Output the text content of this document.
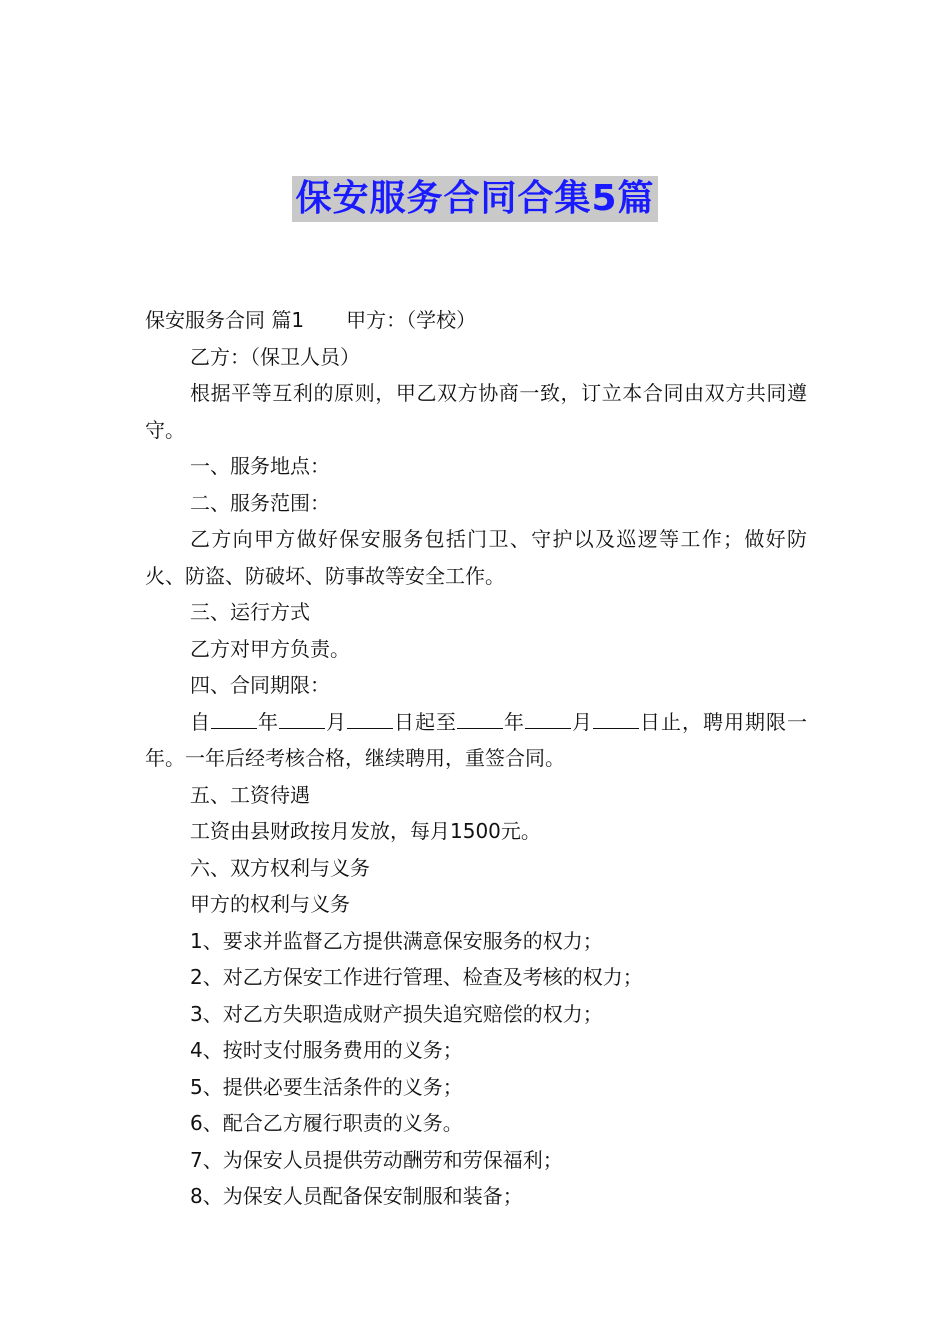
保安服务合同合集5篇

保安服务合同 篇1 甲方：（学校）

乙方：（保卫人员）

根据平等互利的原则，甲乙双方协商一致，订立本合同由双方共同遵守。

一、服务地点：

二、服务范围：

乙方向甲方做好保安服务包括门卫、守护以及巡逻等工作；做好防火、防盗、防破坏、防事故等安全工作。

三、运行方式

乙方对甲方负责。

四、合同期限：

自 年 月 日起至 年 月 日止，聘用期限一年。一年后经考核合格，继续聘用，重签合同。

五、工资待遇

工资由县财政按月发放，每月1500元。

六、双方权利与义务

甲方的权利与义务

1、要求并监督乙方提供满意保安服务的权力；

2、对乙方保安工作进行管理、检查及考核的权力；

3、对乙方失职造成财产损失追究赔偿的权力；

4、按时支付服务费用的义务；

5、提供必要生活条件的义务；

6、配合乙方履行职责的义务。

7、为保安人员提供劳动酬劳和劳保福利；

8、为保安人员配备保安制服和装备；
